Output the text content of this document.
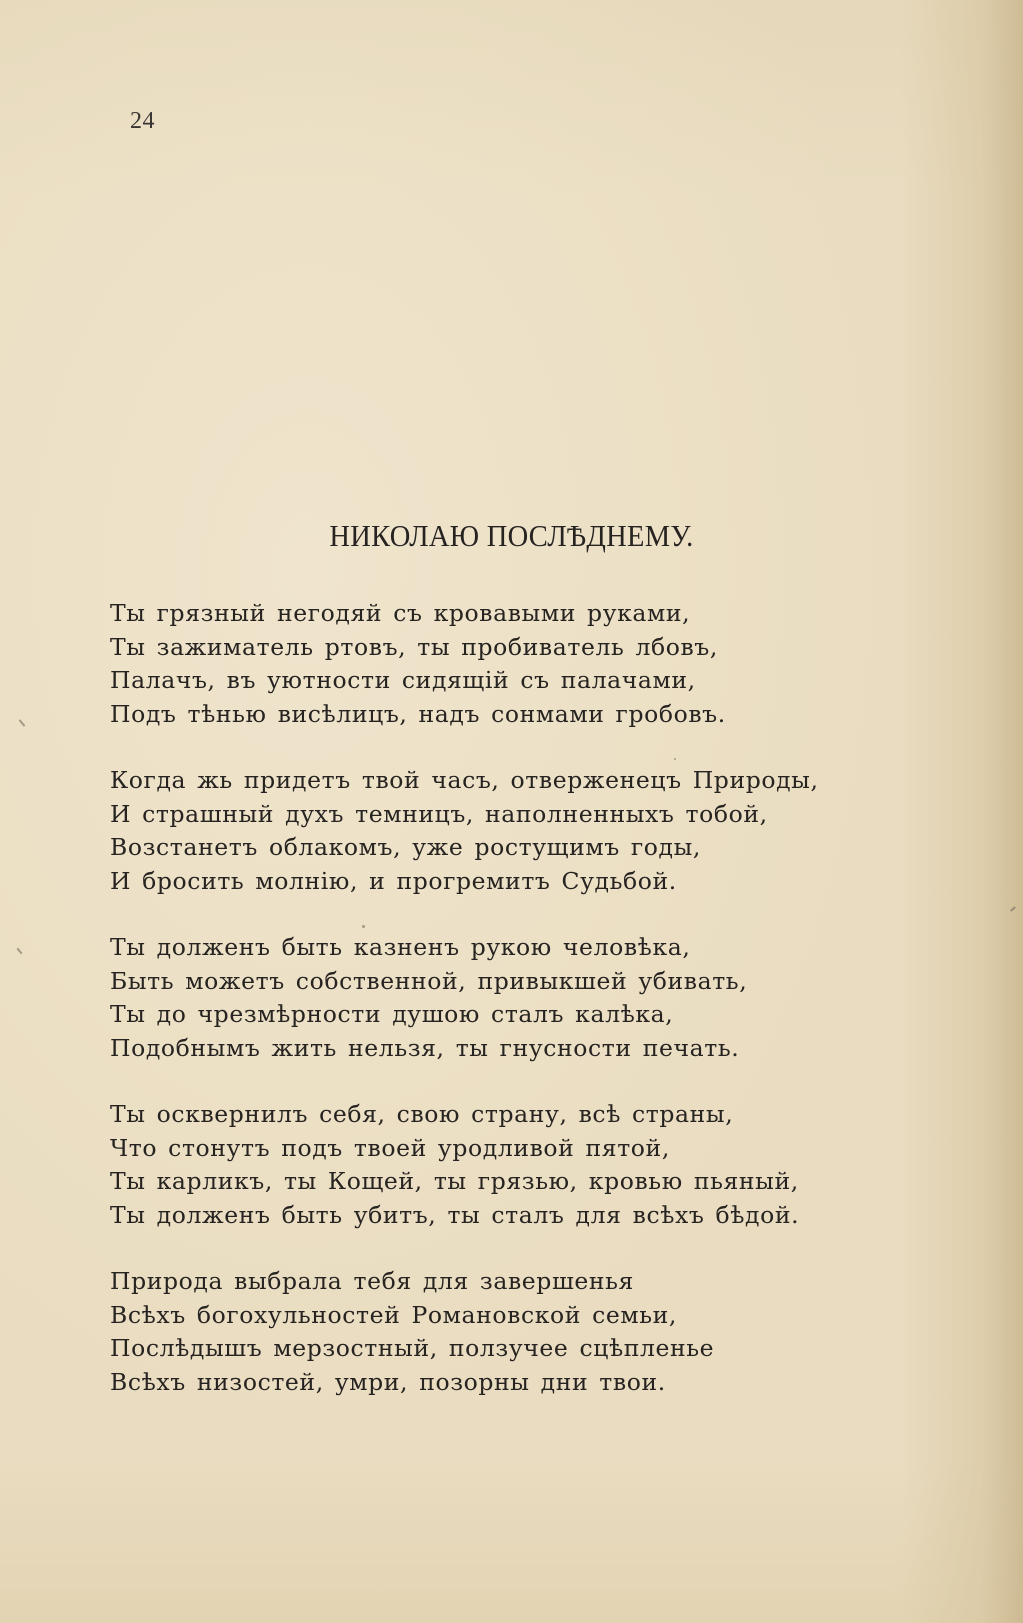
24
НИКОЛАЮ ПОСЛѢДНЕМУ.
Ты грязный негодяй съ кровавыми руками,
Ты зажиматель ртовъ, ты пробиватель лбовъ,
Палачъ, въ уютности сидящій съ палачами,
Подъ тѣнью висѣлицъ, надъ сонмами гробовъ.
Когда жь придетъ твой часъ, отверженецъ Природы,
И страшный духъ темницъ, наполненныхъ тобой,
Возстанетъ облакомъ, уже ростущимъ годы,
И бросить молнію, и прогремитъ Судьбой.
Ты долженъ быть казненъ рукою человѣка,
Быть можетъ собственной, привыкшей убивать,
Ты до чрезмѣрности душою сталъ калѣка,
Подобнымъ жить нельзя, ты гнусности печать.
Ты осквернилъ себя, свою страну, всѣ страны,
Что стонутъ подъ твоей уродливой пятой,
Ты карликъ, ты Кощей, ты грязью, кровью пьяный,
Ты долженъ быть убитъ, ты сталъ для всѣхъ бѣдой.
Природа выбрала тебя для завершенья
Всѣхъ богохульностей Романовской семьи,
Послѣдышъ мерзостный, ползучее сцѣпленье
Всѣхъ низостей, умри, позорны дни твои.
